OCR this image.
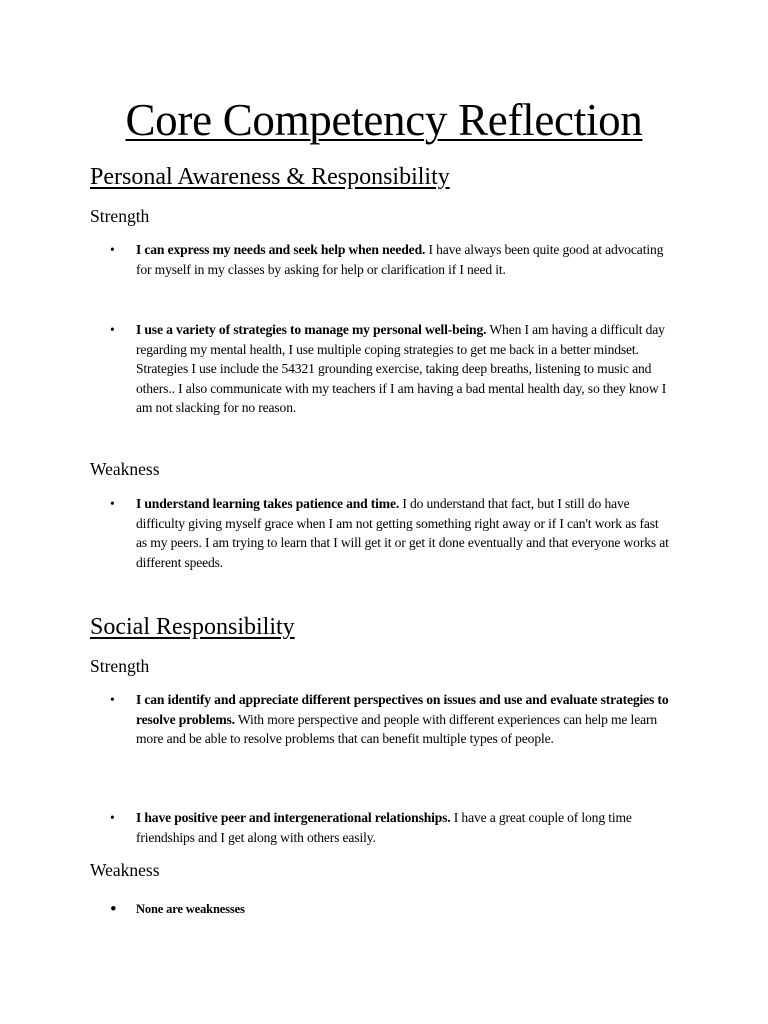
Core Competency Reflection
Personal Awareness & Responsibility
Strength
•	I can express my needs and seek help when needed. I have always been quite good at advocating for myself in my classes by asking for help or clarification if I need it.
•	I use a variety of strategies to manage my personal well-being. When I am having a difficult day regarding my mental health, I use multiple coping strategies to get me back in a better mindset. Strategies I use include the 54321 grounding exercise, taking deep breaths, listening to music and others.. I also communicate with my teachers if I am having a bad mental health day, so they know I am not slacking for no reason.
Weakness
•	I understand learning takes patience and time. I do understand that fact, but I still do have difficulty giving myself grace when I am not getting something right away or if I can't work as fast as my peers. I am trying to learn that I will get it or get it done eventually and that everyone works at different speeds.
Social Responsibility
Strength
•	I can identify and appreciate different perspectives on issues and use and evaluate strategies to resolve problems. With more perspective and people with different experiences can help me learn more and be able to resolve problems that can benefit multiple types of people.
•	I have positive peer and intergenerational relationships. I have a great couple of long time friendships and I get along with others easily.
Weakness
•	None are weaknesses
